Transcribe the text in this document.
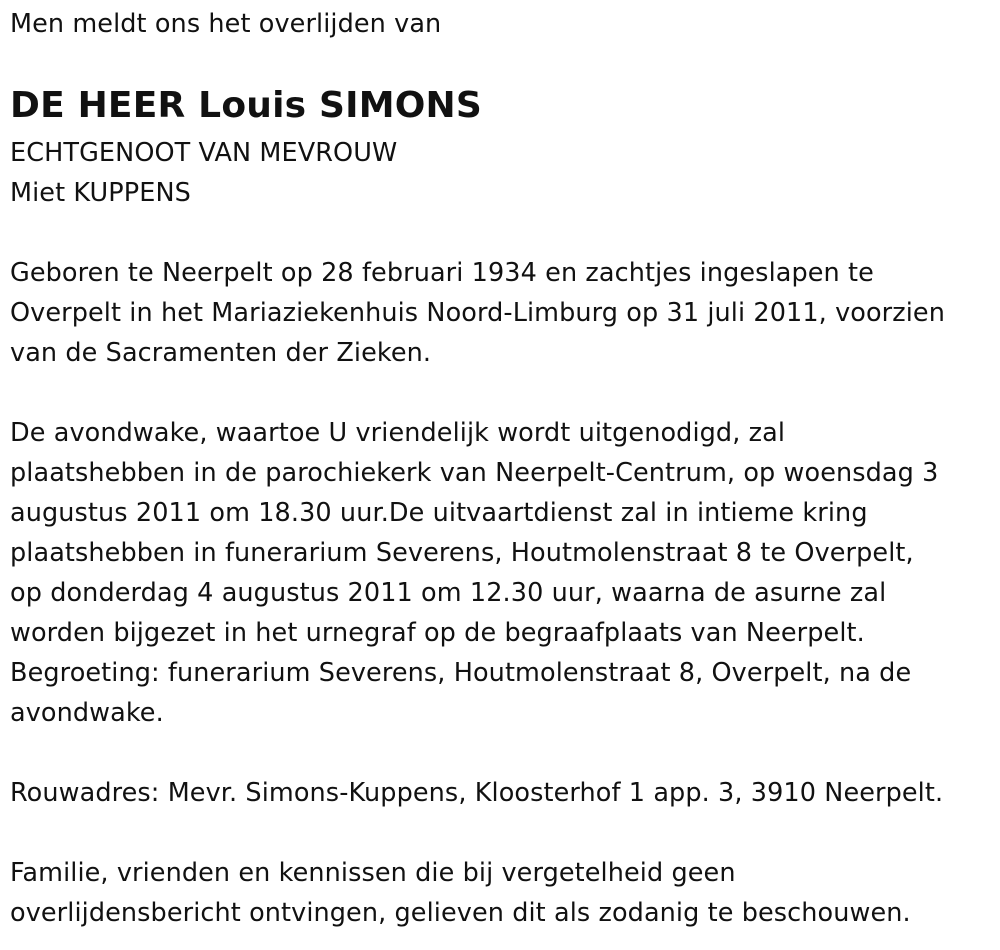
Men meldt ons het overlijden van
DE HEER Louis SIMONS
ECHTGENOOT VAN MEVROUW
Miet KUPPENS
Geboren te Neerpelt op 28 februari 1934 en zachtjes ingeslapen te
Overpelt in het Mariaziekenhuis Noord-Limburg op 31 juli 2011, voorzien
van de Sacramenten der Zieken.
De avondwake, waartoe U vriendelijk wordt uitgenodigd, zal
plaatshebben in de parochiekerk van Neerpelt-Centrum, op woensdag 3
augustus 2011 om 18.30 uur.De uitvaartdienst zal in intieme kring
plaatshebben in funerarium Severens, Houtmolenstraat 8 te Overpelt,
op donderdag 4 augustus 2011 om 12.30 uur, waarna de asurne zal
worden bijgezet in het urnegraf op de begraafplaats van Neerpelt.
Begroeting: funerarium Severens, Houtmolenstraat 8, Overpelt, na de
avondwake.
Rouwadres: Mevr. Simons-Kuppens, Kloosterhof 1 app. 3, 3910 Neerpelt.
Familie, vrienden en kennissen die bij vergetelheid geen
overlijdensbericht ontvingen, gelieven dit als zodanig te beschouwen.
